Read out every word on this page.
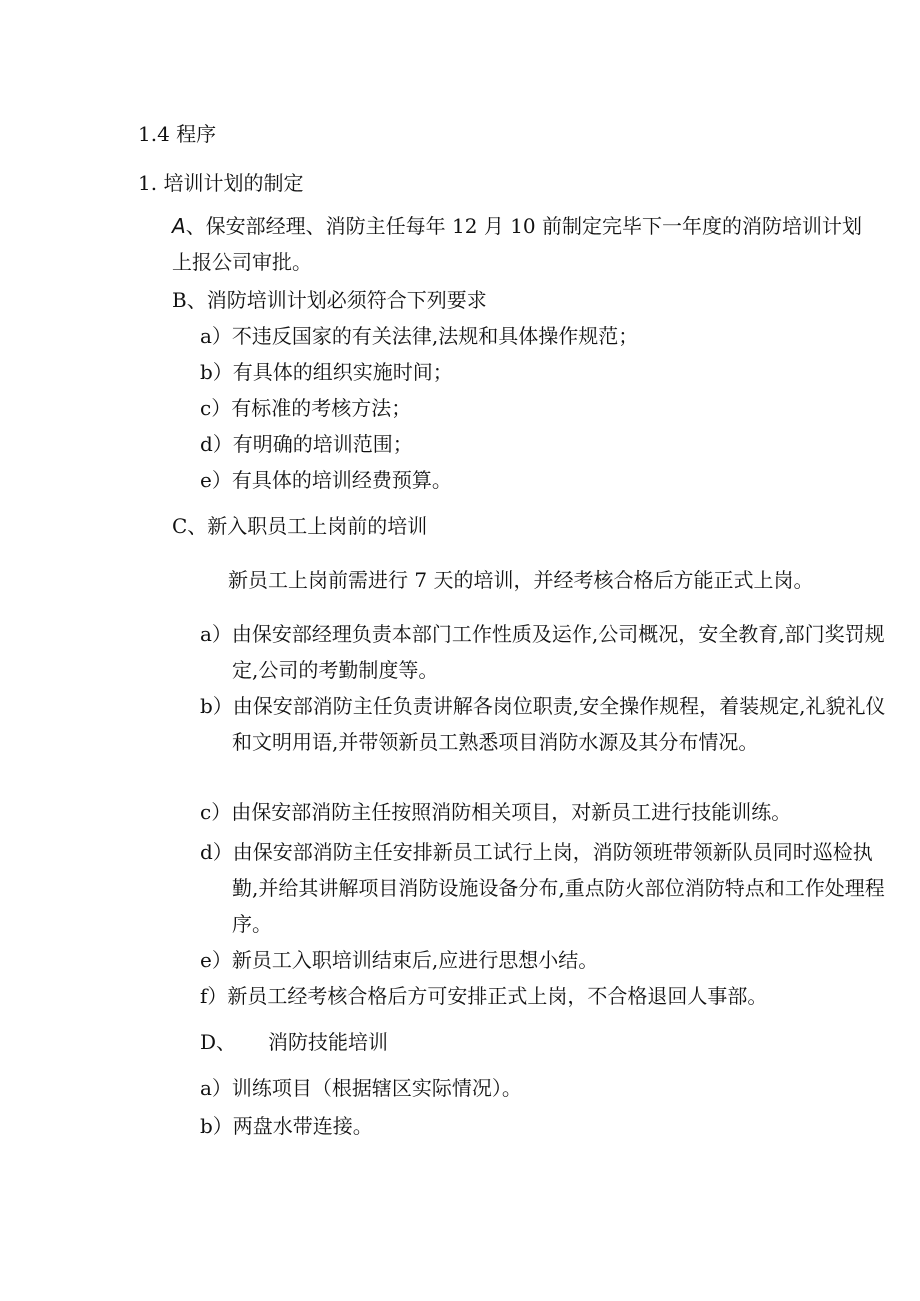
1.4 程序
1. 培训计划的制定
A、保安部经理、消防主任每年 12 月 10 前制定完毕下一年度的消防培训计划上报公司审批。
B、消防培训计划必须符合下列要求
a）不违反国家的有关法律,法规和具体操作规范；
b）有具体的组织实施时间；
c）有标准的考核方法；
d）有明确的培训范围；
e）有具体的培训经费预算。
C、新入职员工上岗前的培训
新员工上岗前需进行 7 天的培训，并经考核合格后方能正式上岗。
a）由保安部经理负责本部门工作性质及运作,公司概况，安全教育,部门奖罚规定,公司的考勤制度等。
b）由保安部消防主任负责讲解各岗位职责,安全操作规程，着装规定,礼貌礼仪和文明用语,并带领新员工熟悉项目消防水源及其分布情况。
c）由保安部消防主任按照消防相关项目，对新员工进行技能训练。
d）由保安部消防主任安排新员工试行上岗，消防领班带领新队员同时巡检执勤,并给其讲解项目消防设施设备分布,重点防火部位消防特点和工作处理程序。
e）新员工入职培训结束后,应进行思想小结。
f）新员工经考核合格后方可安排正式上岗，不合格退回人事部。
D、 消防技能培训
a）训练项目（根据辖区实际情况）。
b）两盘水带连接。
